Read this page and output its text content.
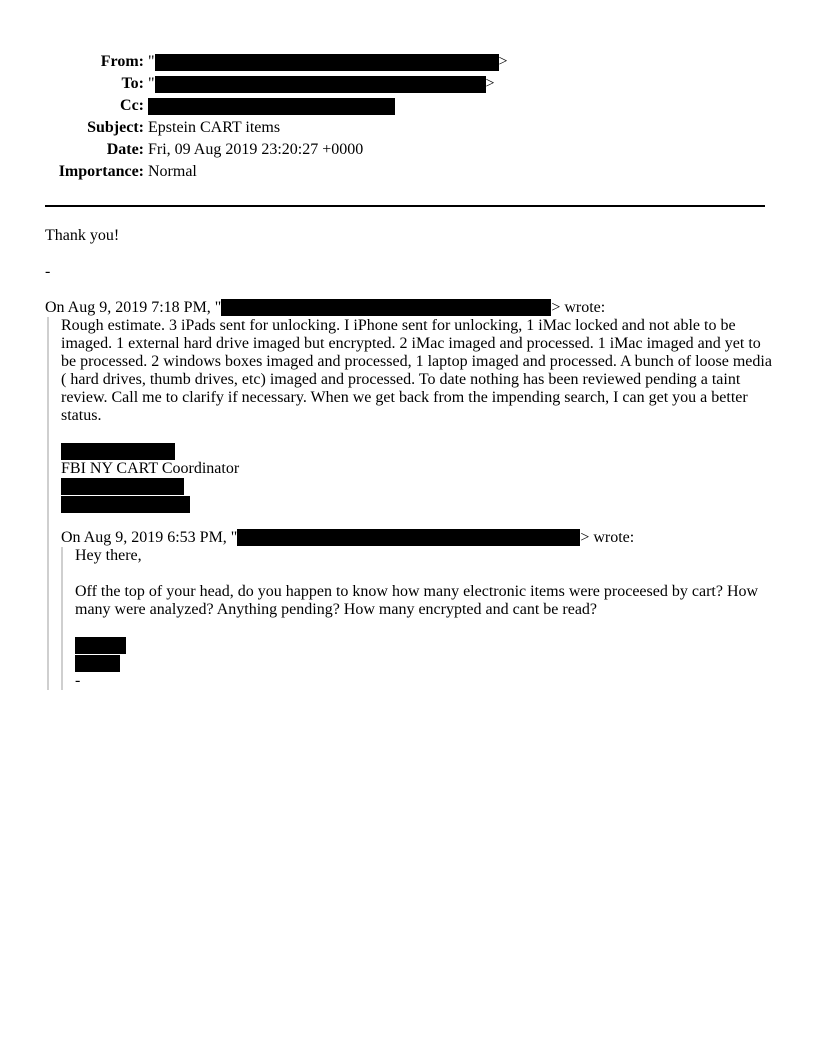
From: "	>
To: "	>
Cc:
Subject: Epstein CART items
Date: Fri, 09 Aug 2019 23:20:27 +0000
Importance: Normal

Thank you!

-

On Aug 9, 2019 7:18 PM, "	> wrote:

Rough estimate. 3 iPads sent for unlocking. I iPhone sent for unlocking, 1 iMac locked and not able to be imaged. 1 external hard drive imaged but encrypted. 2 iMac imaged and processed. 1 iMac imaged and yet to be processed. 2 windows boxes imaged and processed, 1 laptop imaged and processed. A bunch of loose media ( hard drives, thumb drives, etc) imaged and processed. To date nothing has been reviewed pending a taint review. Call me to clarify if necessary. When we get back from the impending search, I can get you a better status.

FBI NY CART Coordinator

On Aug 9, 2019 6:53 PM, "	> wrote:

Hey there,

Off the top of your head, do you happen to know how many electronic items were proceesed by cart? How many were analyzed? Anything pending? How many encrypted and cant be read?

-
